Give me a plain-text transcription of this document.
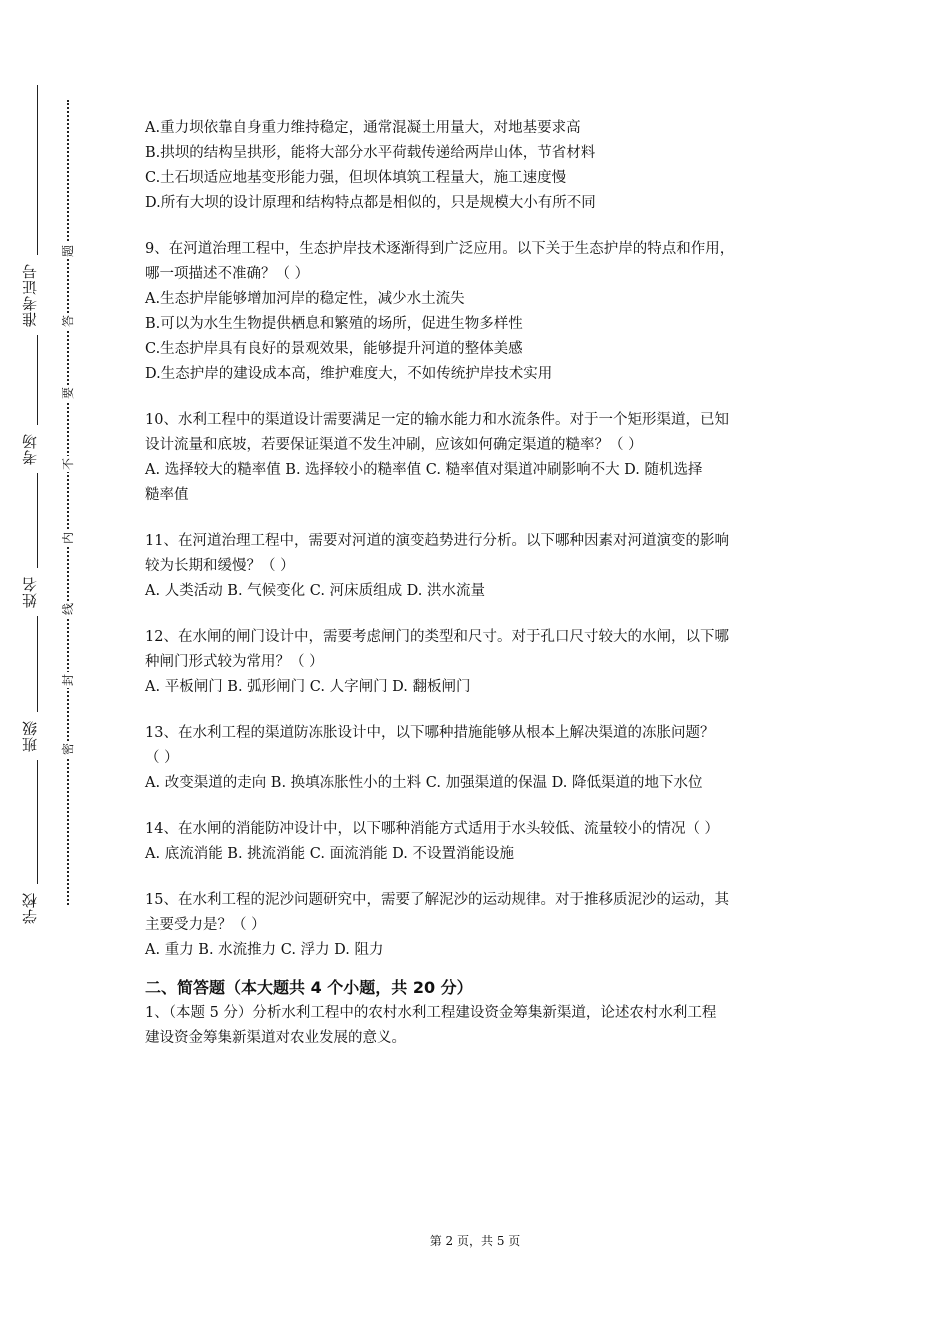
准考证号
考场
姓名
班级
学校
题
答
要
不
内
线
封
密
A.重力坝依靠自身重力维持稳定，通常混凝土用量大，对地基要求高
B.拱坝的结构呈拱形，能将大部分水平荷载传递给两岸山体，节省材料
C.土石坝适应地基变形能力强，但坝体填筑工程量大，施工速度慢
D.所有大坝的设计原理和结构特点都是相似的，只是规模大小有所不同
9、在河道治理工程中，生态护岸技术逐渐得到广泛应用。以下关于生态护岸的特点和作用，
哪一项描述不准确？（ ）
A.生态护岸能够增加河岸的稳定性，减少水土流失
B.可以为水生生物提供栖息和繁殖的场所，促进生物多样性
C.生态护岸具有良好的景观效果，能够提升河道的整体美感
D.生态护岸的建设成本高，维护难度大，不如传统护岸技术实用
10、水利工程中的渠道设计需要满足一定的输水能力和水流条件。对于一个矩形渠道，已知
设计流量和底坡，若要保证渠道不发生冲刷，应该如何确定渠道的糙率？（ ）
A. 选择较大的糙率值 B. 选择较小的糙率值 C. 糙率值对渠道冲刷影响不大 D. 随机选择
糙率值
11、在河道治理工程中，需要对河道的演变趋势进行分析。以下哪种因素对河道演变的影响
较为长期和缓慢？（ ）
A. 人类活动 B. 气候变化 C. 河床质组成 D. 洪水流量
12、在水闸的闸门设计中，需要考虑闸门的类型和尺寸。对于孔口尺寸较大的水闸，以下哪
种闸门形式较为常用？（ ）
A. 平板闸门 B. 弧形闸门 C. 人字闸门 D. 翻板闸门
13、在水利工程的渠道防冻胀设计中，以下哪种措施能够从根本上解决渠道的冻胀问题？
（ ）
A. 改变渠道的走向 B. 换填冻胀性小的土料 C. 加强渠道的保温 D. 降低渠道的地下水位
14、在水闸的消能防冲设计中，以下哪种消能方式适用于水头较低、流量较小的情况（ ）
A. 底流消能 B. 挑流消能 C. 面流消能 D. 不设置消能设施
15、在水利工程的泥沙问题研究中，需要了解泥沙的运动规律。对于推移质泥沙的运动，其
主要受力是？（ ）
A. 重力 B. 水流推力 C. 浮力 D. 阻力
二、简答题（本大题共 4 个小题，共 20 分）
1、（本题 5 分）分析水利工程中的农村水利工程建设资金筹集新渠道，论述农村水利工程
建设资金筹集新渠道对农业发展的意义。
第 2 页，共 5 页
